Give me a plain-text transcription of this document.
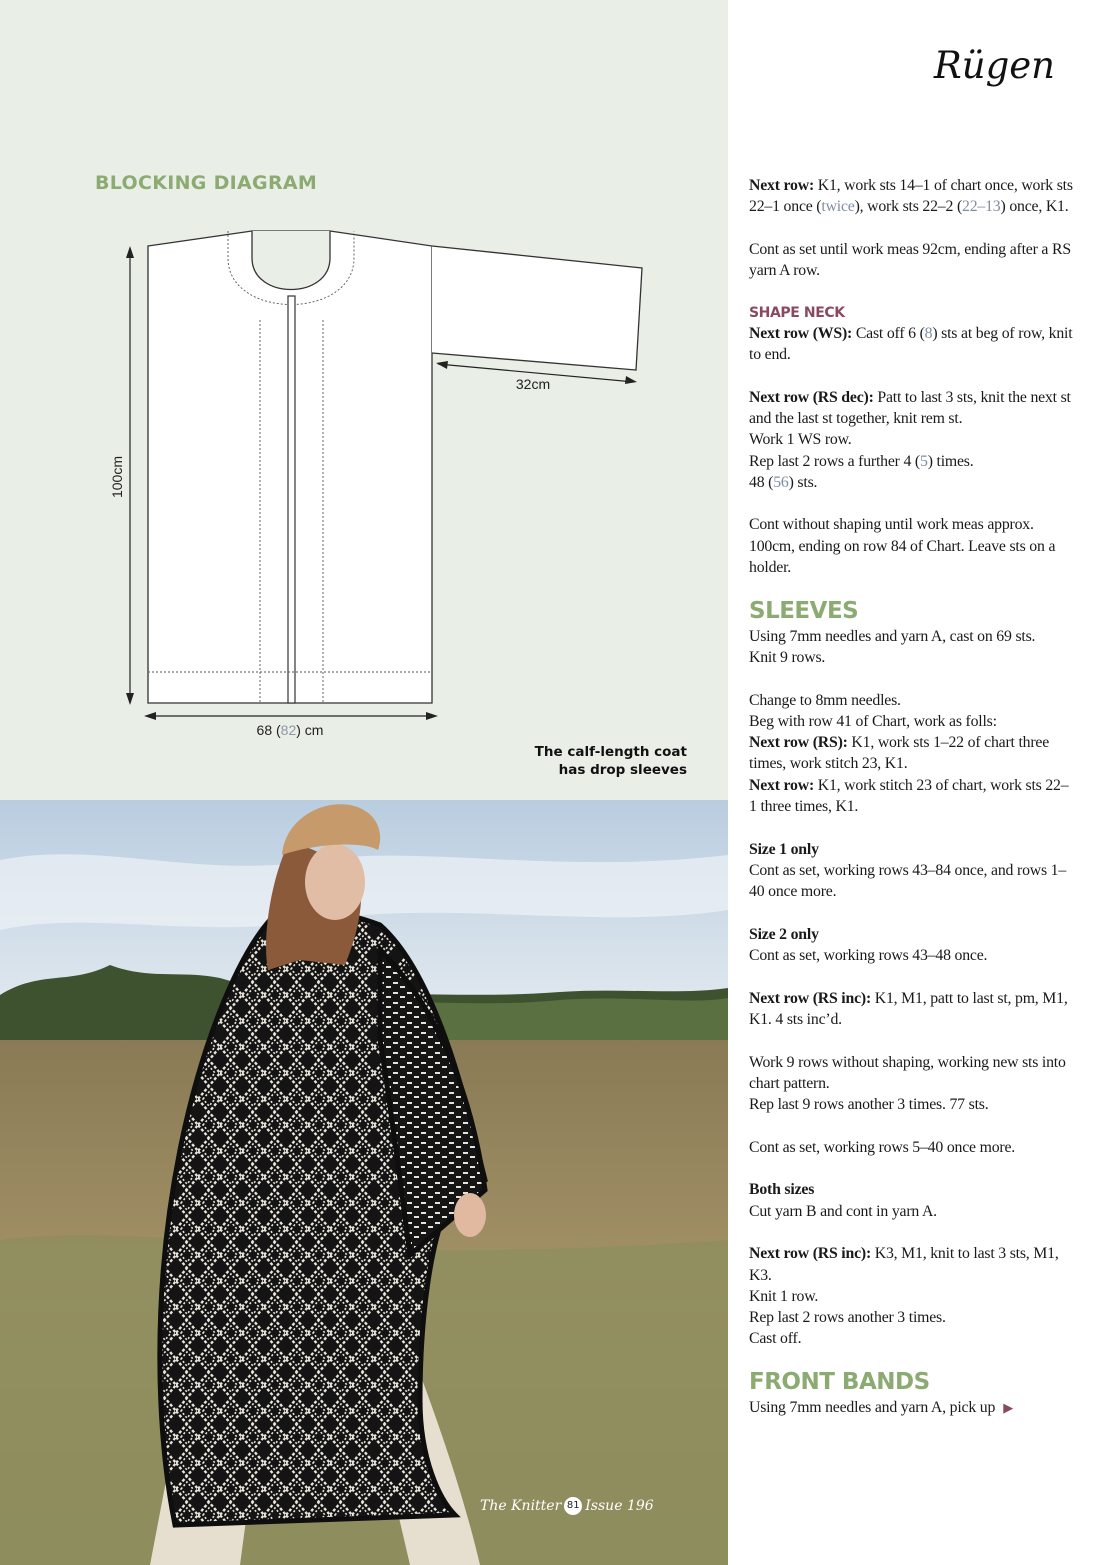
BLOCKING DIAGRAM
100cm
68 (82) cm
32cm
The calf-length coat
has drop sleeves
The Knitter 81 Issue 196
Rügen

Next row: K1, work sts 14–1 of chart once, work sts 22–1 once (twice), work sts 22–2 (22–13) once, K1.

Cont as set until work meas 92cm, ending after a RS yarn A row.

SHAPE NECK

Next row (WS): Cast off 6 (8) sts at beg of row, knit to end.

Next row (RS dec): Patt to last 3 sts, knit the next st and the last st together, knit rem st.
Work 1 WS row.
Rep last 2 rows a further 4 (5) times.
48 (56) sts.

Cont without shaping until work meas approx. 100cm, ending on row 84 of Chart. Leave sts on a holder.

SLEEVES

Using 7mm needles and yarn A, cast on 69 sts.
Knit 9 rows.

Change to 8mm needles.
Beg with row 41 of Chart, work as folls:
Next row (RS): K1, work sts 1–22 of chart three times, work stitch 23, K1.
Next row: K1, work stitch 23 of chart, work sts 22–1 three times, K1.

Size 1 only
Cont as set, working rows 43–84 once, and rows 1–40 once more.

Size 2 only
Cont as set, working rows 43–48 once.

Next row (RS inc): K1, M1, patt to last st, pm, M1, K1. 4 sts inc’d.

Work 9 rows without shaping, working new sts into chart pattern.
Rep last 9 rows another 3 times. 77 sts.

Cont as set, working rows 5–40 once more.

Both sizes
Cut yarn B and cont in yarn A.

Next row (RS inc): K3, M1, knit to last 3 sts, M1, K3.
Knit 1 row.
Rep last 2 rows another 3 times.
Cast off.

FRONT BANDS
Using 7mm needles and yarn A, pick up ▶
